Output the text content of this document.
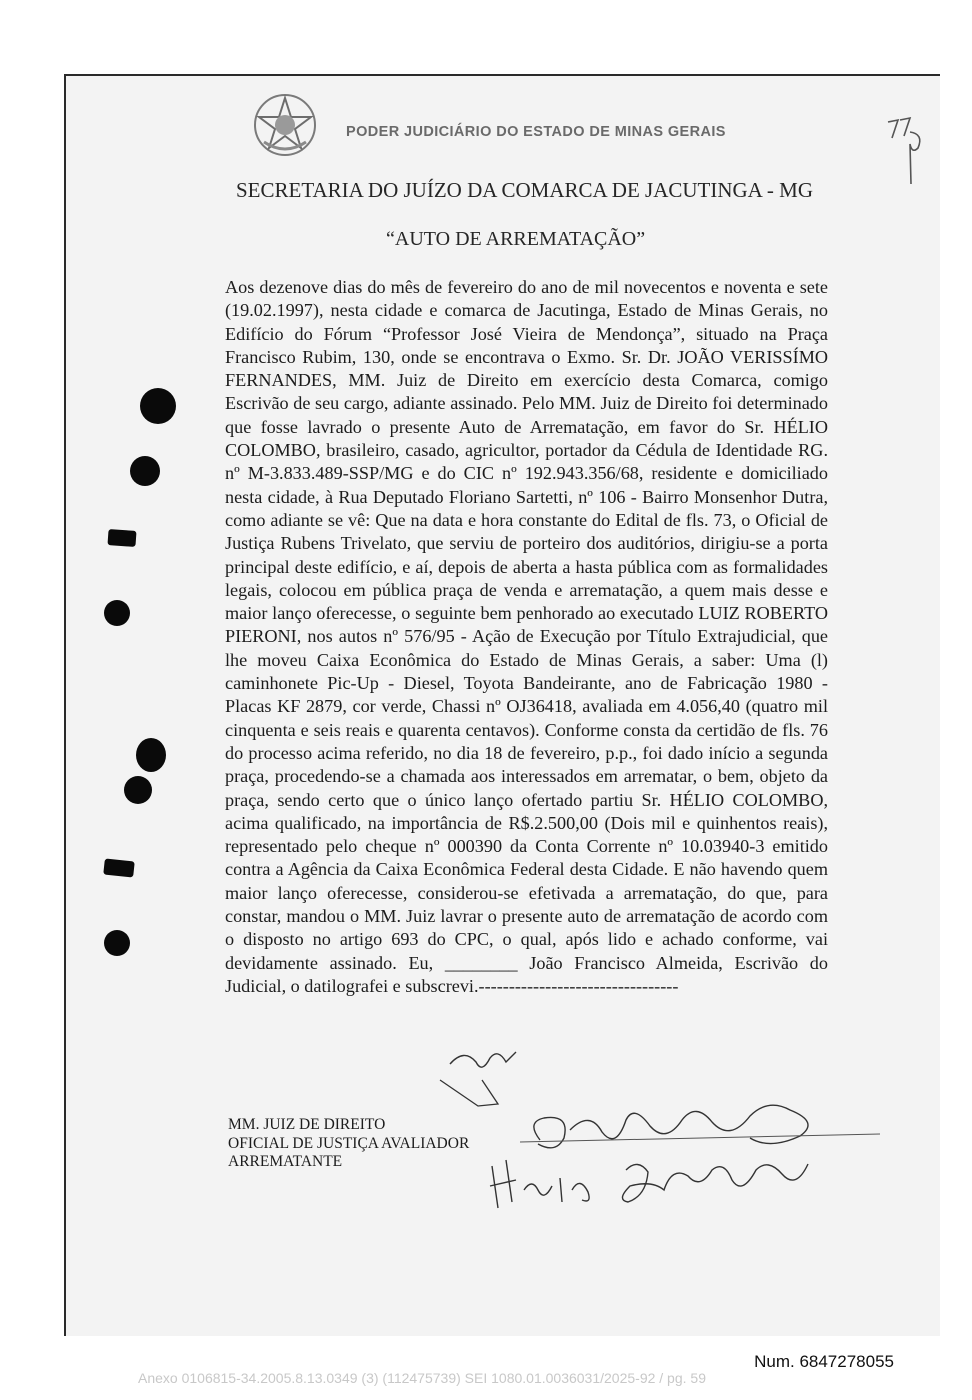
PODER JUDICIÁRIO DO ESTADO DE MINAS GERAIS
SECRETARIA DO JUÍZO DA COMARCA DE JACUTINGA - MG
“AUTO DE ARREMATAÇÃO”

Aos dezenove dias do mês de fevereiro do ano de mil novecentos e noventa e sete (19.02.1997), nesta cidade e comarca de Jacutinga, Estado de Minas Gerais, no Edifício do Fórum “Professor José Vieira de Mendonça”, situado na Praça Francisco Rubim, 130, onde se encontrava o Exmo. Sr. Dr. JOÃO VERISSÍMO FERNANDES, MM. Juiz de Direito em exercício desta Comarca, comigo Escrivão de seu cargo, adiante assinado. Pelo MM. Juiz de Direito foi determinado que fosse lavrado o presente Auto de Arrematação, em favor do Sr. HÉLIO COLOMBO, brasileiro, casado, agricultor, portador da Cédula de Identidade RG. nº M-3.833.489-SSP/MG e do CIC nº 192.943.356/68, residente e domiciliado nesta cidade, à Rua Deputado Floriano Sartetti, nº 106 - Bairro Monsenhor Dutra, como adiante se vê: Que na data e hora constante do Edital de fls. 73, o Oficial de Justiça Rubens Trivelato, que serviu de porteiro dos auditórios, dirigiu-se a porta principal deste edifício, e aí, depois de aberta a hasta pública com as formalidades legais, colocou em pública praça de venda e arrematação, a quem mais desse e maior lanço oferecesse, o seguinte bem penhorado ao executado LUIZ ROBERTO PIERONI, nos autos nº 576/95 - Ação de Execução por Título Extrajudicial, que lhe moveu Caixa Econômica do Estado de Minas Gerais, a saber: Uma (l) caminhonete Pic-Up - Diesel, Toyota Bandeirante, ano de Fabricação 1980 - Placas KF 2879, cor verde, Chassi nº OJ36418, avaliada em 4.056,40 (quatro mil cinquenta e seis reais e quarenta centavos). Conforme consta da certidão de fls. 76 do processo acima referido, no dia 18 de fevereiro, p.p., foi dado início a segunda praça, procedendo-se a chamada aos interessados em arrematar, o bem, objeto da praça, sendo certo que o único lanço ofertado partiu Sr. HÉLIO COLOMBO, acima qualificado, na importância de R$.2.500,00 (Dois mil e quinhentos reais), representado pelo cheque nº 000390 da Conta Corrente nº 10.03940-3 emitido contra a Agência da Caixa Econômica Federal desta Cidade. E não havendo quem maior lanço oferecesse, considerou-se efetivada a arrematação, do que, para constar, mandou o MM. Juiz lavrar o presente auto de arrematação de acordo com o disposto no artigo 693 do CPC, o qual, após lido e achado conforme, vai devidamente assinado. Eu, ________ João Francisco Almeida, Escrivão do Judicial, o datilografei e subscrevi.---------------------------------

MM. JUIZ DE DIREITO
OFICIAL DE JUSTIÇA AVALIADOR
ARREMATANTE
Num. 6847278055
Anexo 0106815-34.2005.8.13.0349 (3) (112475739) SEI 1080.01.0036031/2025-92 / pg. 59
